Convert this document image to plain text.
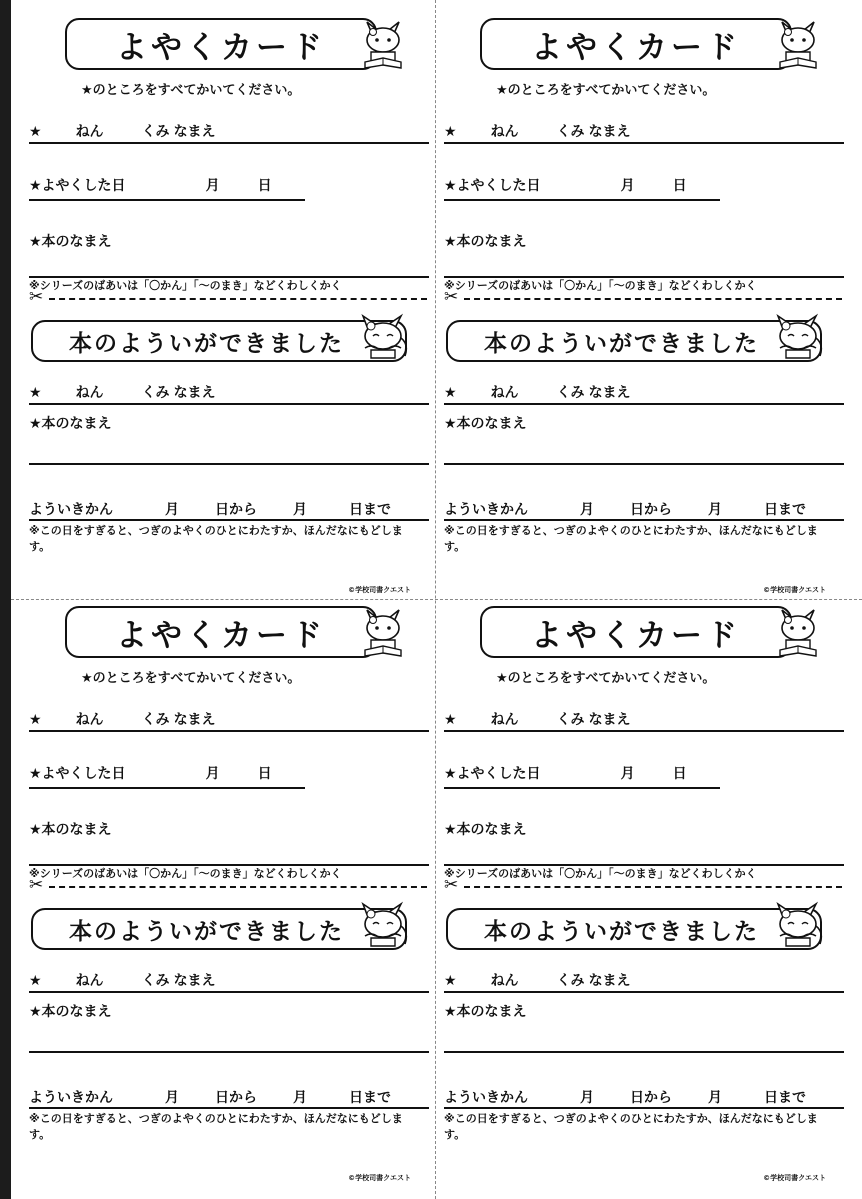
よやくカード
★のところをすべてかいてください。
★ ねん	くみ なまえ
★よやくした日	月	日
★本のなまえ
※シリーズのばあいは「〇かん」「～のまき」などくわしくかく
✂
本のよういができました
★ ねん	くみ なまえ
★本のなまえ
よういきかん	月	日から	月	日まで
※この日をすぎると、つぎのよやくのひとにわたすか、ほんだなにもどします。
©学校司書クエスト
よやくカード
★のところをすべてかいてください。
★ ねん	くみ なまえ
★よやくした日	月	日
★本のなまえ
※シリーズのばあいは「〇かん」「～のまき」などくわしくかく
✂
本のよういができました
★ ねん	くみ なまえ
★本のなまえ
よういきかん	月	日から	月	日まで
※この日をすぎると、つぎのよやくのひとにわたすか、ほんだなにもどします。
©学校司書クエスト
よやくカード
★のところをすべてかいてください。
★ ねん	くみ なまえ
★よやくした日	月	日
★本のなまえ
※シリーズのばあいは「〇かん」「～のまき」などくわしくかく
✂
本のよういができました
★ ねん	くみ なまえ
★本のなまえ
よういきかん	月	日から	月	日まで
※この日をすぎると、つぎのよやくのひとにわたすか、ほんだなにもどします。
©学校司書クエスト
よやくカード
★のところをすべてかいてください。
★ ねん	くみ なまえ
★よやくした日	月	日
★本のなまえ
※シリーズのばあいは「〇かん」「～のまき」などくわしくかく
✂
本のよういができました
★ ねん	くみ なまえ
★本のなまえ
よういきかん	月	日から	月	日まで
※この日をすぎると、つぎのよやくのひとにわたすか、ほんだなにもどします。
©学校司書クエスト
